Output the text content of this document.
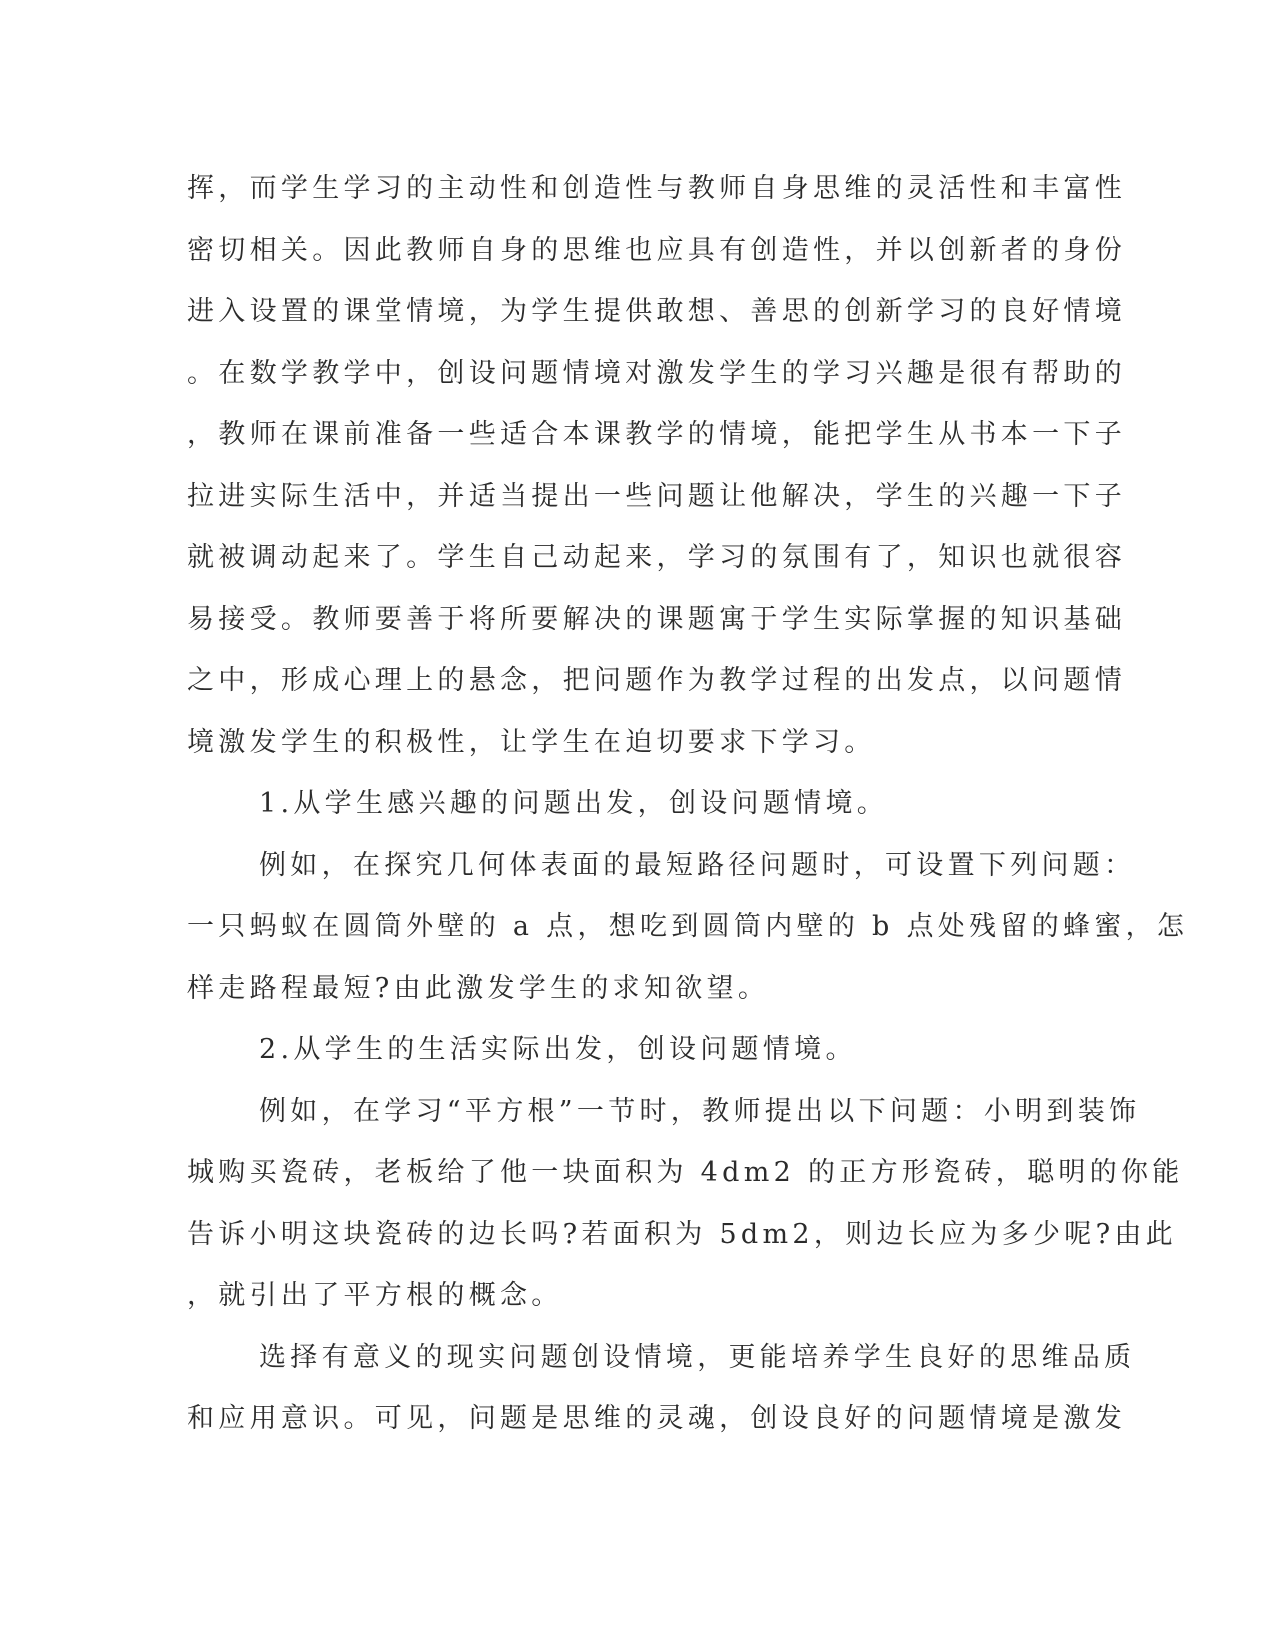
挥，而学生学习的主动性和创造性与教师自身思维的灵活性和丰富性
密切相关。因此教师自身的思维也应具有创造性，并以创新者的身份
进入设置的课堂情境，为学生提供敢想、善思的创新学习的良好情境
。在数学教学中，创设问题情境对激发学生的学习兴趣是很有帮助的
，教师在课前准备一些适合本课教学的情境，能把学生从书本一下子
拉进实际生活中，并适当提出一些问题让他解决，学生的兴趣一下子
就被调动起来了。学生自己动起来，学习的氛围有了，知识也就很容
易接受。教师要善于将所要解决的课题寓于学生实际掌握的知识基础
之中，形成心理上的悬念，把问题作为教学过程的出发点，以问题情
境激发学生的积极性，让学生在迫切要求下学习。
1.从学生感兴趣的问题出发，创设问题情境。
例如，在探究几何体表面的最短路径问题时，可设置下列问题：
一只蚂蚁在圆筒外壁的 a 点，想吃到圆筒内壁的 b 点处残留的蜂蜜，怎
样走路程最短?由此激发学生的求知欲望。
2.从学生的生活实际出发，创设问题情境。
例如，在学习“平方根”一节时，教师提出以下问题：小明到装饰
城购买瓷砖，老板给了他一块面积为 4dm2 的正方形瓷砖，聪明的你能
告诉小明这块瓷砖的边长吗?若面积为 5dm2，则边长应为多少呢?由此
，就引出了平方根的概念。
选择有意义的现实问题创设情境，更能培养学生良好的思维品质
和应用意识。可见，问题是思维的灵魂，创设良好的问题情境是激发
